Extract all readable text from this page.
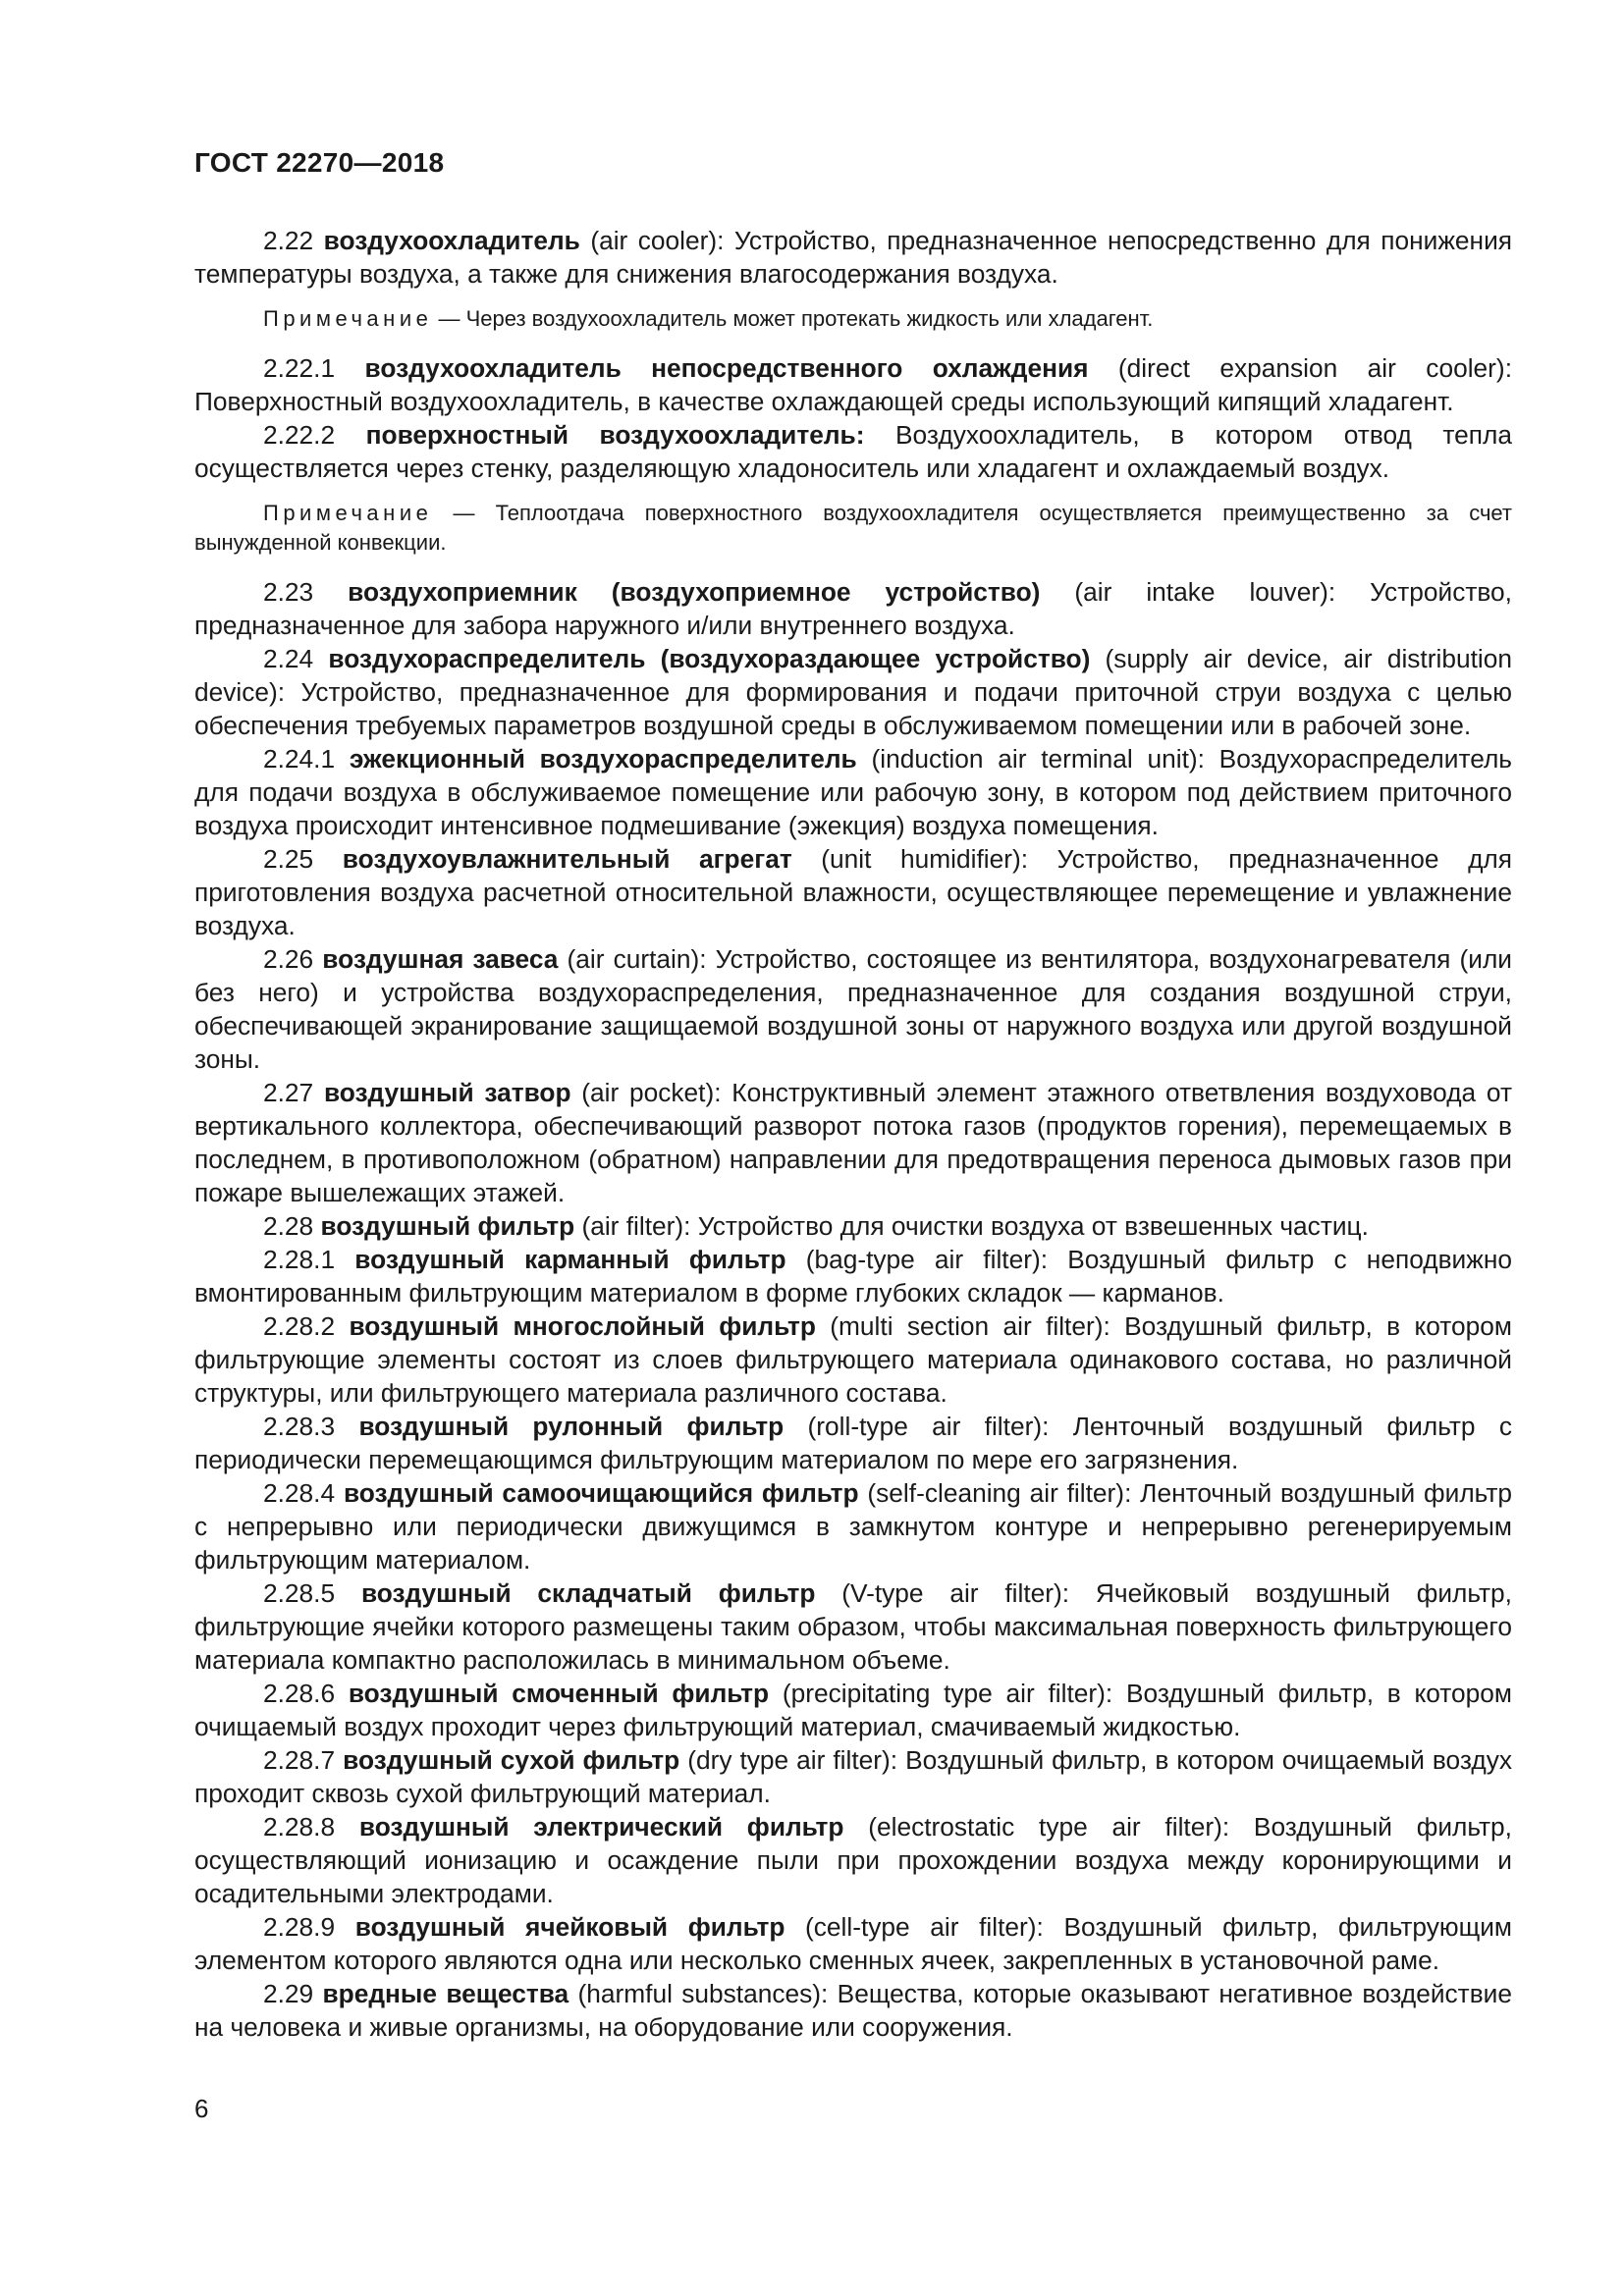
ГОСТ 22270—2018

2.22 воздухоохладитель (air cooler): Устройство, предназначенное непосредственно для понижения температуры воздуха, а также для снижения влагосодержания воздуха.

Примечание — Через воздухоохладитель может протекать жидкость или хладагент.

2.22.1 воздухоохладитель непосредственного охлаждения (direct expansion air cooler): Поверхностный воздухоохладитель, в качестве охлаждающей среды использующий кипящий хладагент.

2.22.2 поверхностный воздухоохладитель: Воздухоохладитель, в котором отвод тепла осуществляется через стенку, разделяющую хладоноситель или хладагент и охлаждаемый воздух.

Примечание — Теплоотдача поверхностного воздухоохладителя осуществляется преимущественно за счет вынужденной конвекции.

2.23 воздухоприемник (воздухоприемное устройство) (air intake louver): Устройство, предназначенное для забора наружного и/или внутреннего воздуха.

2.24 воздухораспределитель (воздухораздающее устройство) (supply air device, air distribution device): Устройство, предназначенное для формирования и подачи приточной струи воздуха с целью обеспечения требуемых параметров воздушной среды в обслуживаемом помещении или в рабочей зоне.

2.24.1 эжекционный воздухораспределитель (induction air terminal unit): Воздухораспределитель для подачи воздуха в обслуживаемое помещение или рабочую зону, в котором под действием приточного воздуха происходит интенсивное подмешивание (эжекция) воздуха помещения.

2.25 воздухоувлажнительный агрегат (unit humidifier): Устройство, предназначенное для приготовления воздуха расчетной относительной влажности, осуществляющее перемещение и увлажнение воздуха.

2.26 воздушная завеса (air curtain): Устройство, состоящее из вентилятора, воздухонагревателя (или без него) и устройства воздухораспределения, предназначенное для создания воздушной струи, обеспечивающей экранирование защищаемой воздушной зоны от наружного воздуха или другой воздушной зоны.

2.27 воздушный затвор (air pocket): Конструктивный элемент этажного ответвления воздуховода от вертикального коллектора, обеспечивающий разворот потока газов (продуктов горения), перемещаемых в последнем, в противоположном (обратном) направлении для предотвращения переноса дымовых газов при пожаре вышележащих этажей.

2.28 воздушный фильтр (air filter): Устройство для очистки воздуха от взвешенных частиц.

2.28.1 воздушный карманный фильтр (bag-type air filter): Воздушный фильтр с неподвижно вмонтированным фильтрующим материалом в форме глубоких складок — карманов.

2.28.2 воздушный многослойный фильтр (multi section air filter): Воздушный фильтр, в котором фильтрующие элементы состоят из слоев фильтрующего материала одинакового состава, но различной структуры, или фильтрующего материала различного состава.

2.28.3 воздушный рулонный фильтр (roll-type air filter): Ленточный воздушный фильтр с периодически перемещающимся фильтрующим материалом по мере его загрязнения.

2.28.4 воздушный самоочищающийся фильтр (self-cleaning air filter): Ленточный воздушный фильтр с непрерывно или периодически движущимся в замкнутом контуре и непрерывно регенерируемым фильтрующим материалом.

2.28.5 воздушный складчатый фильтр (V-type air filter): Ячейковый воздушный фильтр, фильтрующие ячейки которого размещены таким образом, чтобы максимальная поверхность фильтрующего материала компактно расположилась в минимальном объеме.

2.28.6 воздушный смоченный фильтр (precipitating type air filter): Воздушный фильтр, в котором очищаемый воздух проходит через фильтрующий материал, смачиваемый жидкостью.

2.28.7 воздушный сухой фильтр (dry type air filter): Воздушный фильтр, в котором очищаемый воздух проходит сквозь сухой фильтрующий материал.

2.28.8 воздушный электрический фильтр (electrostatic type air filter): Воздушный фильтр, осуществляющий ионизацию и осаждение пыли при прохождении воздуха между коронирующими и осадительными электродами.

2.28.9 воздушный ячейковый фильтр (cell-type air filter): Воздушный фильтр, фильтрующим элементом которого являются одна или несколько сменных ячеек, закрепленных в установочной раме.

2.29 вредные вещества (harmful substances): Вещества, которые оказывают негативное воздействие на человека и живые организмы, на оборудование или сооружения.

6
